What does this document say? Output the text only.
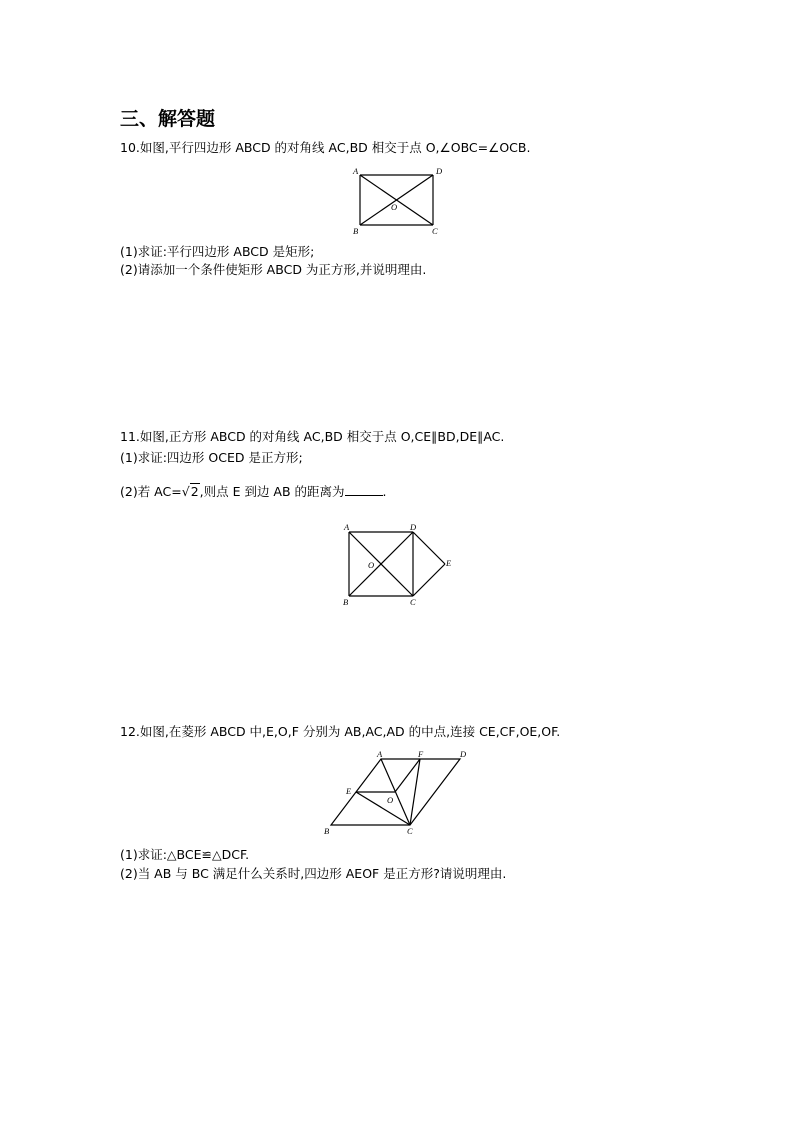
三、解答题
10.如图,平行四边形 ABCD 的对角线 AC,BD 相交于点 O,∠OBC=∠OCB.
A	D
B	C
O
(1)求证:平行四边形 ABCD 是矩形;
(2)请添加一个条件使矩形 ABCD 为正方形,并说明理由.
11.如图,正方形 ABCD 的对角线 AC,BD 相交于点 O,CE∥BD,DE∥AC.
(1)求证:四边形 OCED 是正方形;
(2)若 AC=√2,则点 E 到边 AB 的距离为	.
A	D
B	C
O	E
12.如图,在菱形 ABCD 中,E,O,F 分别为 AB,AC,AD 的中点,连接 CE,CF,OE,OF.
A	F	D
E
O
B	C
(1)求证:△BCE≌△DCF.
(2)当 AB 与 BC 满足什么关系时,四边形 AEOF 是正方形?请说明理由.
